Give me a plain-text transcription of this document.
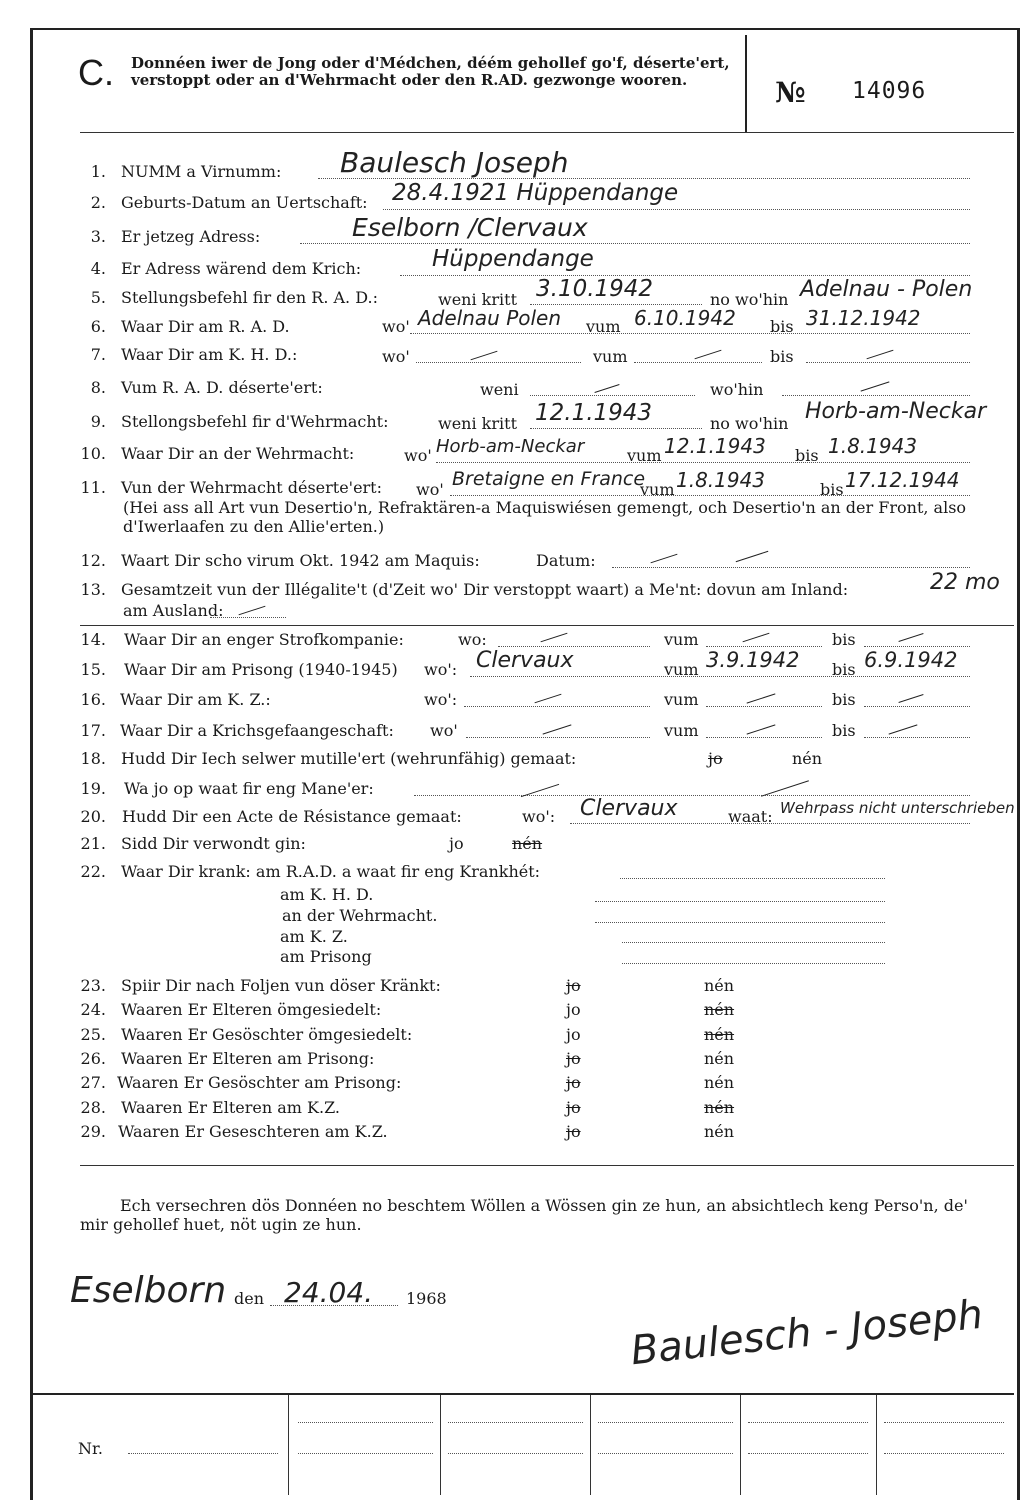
C. Donnéen iwer de Jong oder d'Médchen, déém gehollef go'f, déserte'ert, verstoppt oder an d'Wehrmacht oder den R.AD. gezwonge wooren.	№ 14096
1. NUMM a Virnumm: Baulesch Joseph
2. Geburts-Datum an Uertschaft: 28.4.1921 Hüppendange
3. Er jetzeg Adress:	Eselborn /Clervaux
4. Er Adress wärend dem Krich:	Hüppendange
5. Stellungsbefehl fir den R. A. D.:	weni kritt 3.10.1942	no wo'hin Adelnau - Polen
6. Waar Dir am R. A. D.	wo' Adelnau Polen vum 6.10.1942 bis 31.12.1942
7. Waar Dir am K. H. D.:	wo'	vum	bis
8. Vum R. A. D. déserte'ert:	weni	wo'hin
9. Stellongsbefehl fir d'Wehrmacht:	weni kritt 12.1.1943	no wo'hin Horb-am-Neckar
10. Waar Dir an der Wehrmacht:	wo' Horb-am-Neckar	vum 12.1.1943 bis 1.8.1943
11. Vun der Wehrmacht déserte'ert: wo' Bretaigne en France
vum 1.8.1943	bis 17.12.1944
(Hei ass all Art vun Desertio'n, Refraktären-a Maquiswiésen gemengt, och Desertio'n an der Front, also d'Iwerlaafen zu den Allie'erten.)
12. Waart Dir scho virum Okt. 1942 am Maquis:	Datum:
13. Gesamtzeit vun der Illégalite't (d'Zeit wo' Dir verstoppt waart) a Me'nt: dovun am Inland:	22 mo
am Ausland:
14. Waar Dir an enger Strofkompanie:	wo:	vum	bis
15. Waar Dir am Prisong (1940-1945) wo': Clervaux	vum 3.9.1942 bis 6.9.1942
16. Waar Dir am K. Z.:	wo':	vum	bis
17. Waar Dir a Krichsgefaangeschaft: wo'	vum	bis
18. Hudd Dir Iech selwer mutille'ert (wehrunfähig) gemaat:	jo	nén
19. Wa jo op waat fir eng Mane'er:
20. Hudd Dir een Acte de Résistance gemaat:	wo': Clervaux	waat: Wehrpass nicht unterschrieben
21. Sidd Dir verwondt gin:	jo	nén
22. Waar Dir krank: am R.A.D. a waat fir eng Krankhét:
am K. H. D.
an der Wehrmacht.
am K. Z.
am Prisong
23. Spiir Dir nach Foljen vun döser Kränkt:	jo	nén
24. Waaren Er Elteren ömgesiedelt:	jo	nén
25. Waaren Er Gesöschter ömgesiedelt:	jo	nén
26. Waaren Er Elteren am Prisong:	jo	nén
27. Waaren Er Gesöschter am Prisong:	jo	nén
28. Waaren Er Elteren am K.Z.	jo	nén
29. Waaren Er Geseschteren am K.Z.	jo	nén
Ech versechren dös Donnéen no beschtem Wöllen a Wössen gin ze hun, an absichtlech keng Perso'n, de' mir gehollef huet, nöt ugin ze hun.
Eselborn den 24.04. 1968	Baulesch - Joseph
Nr.
